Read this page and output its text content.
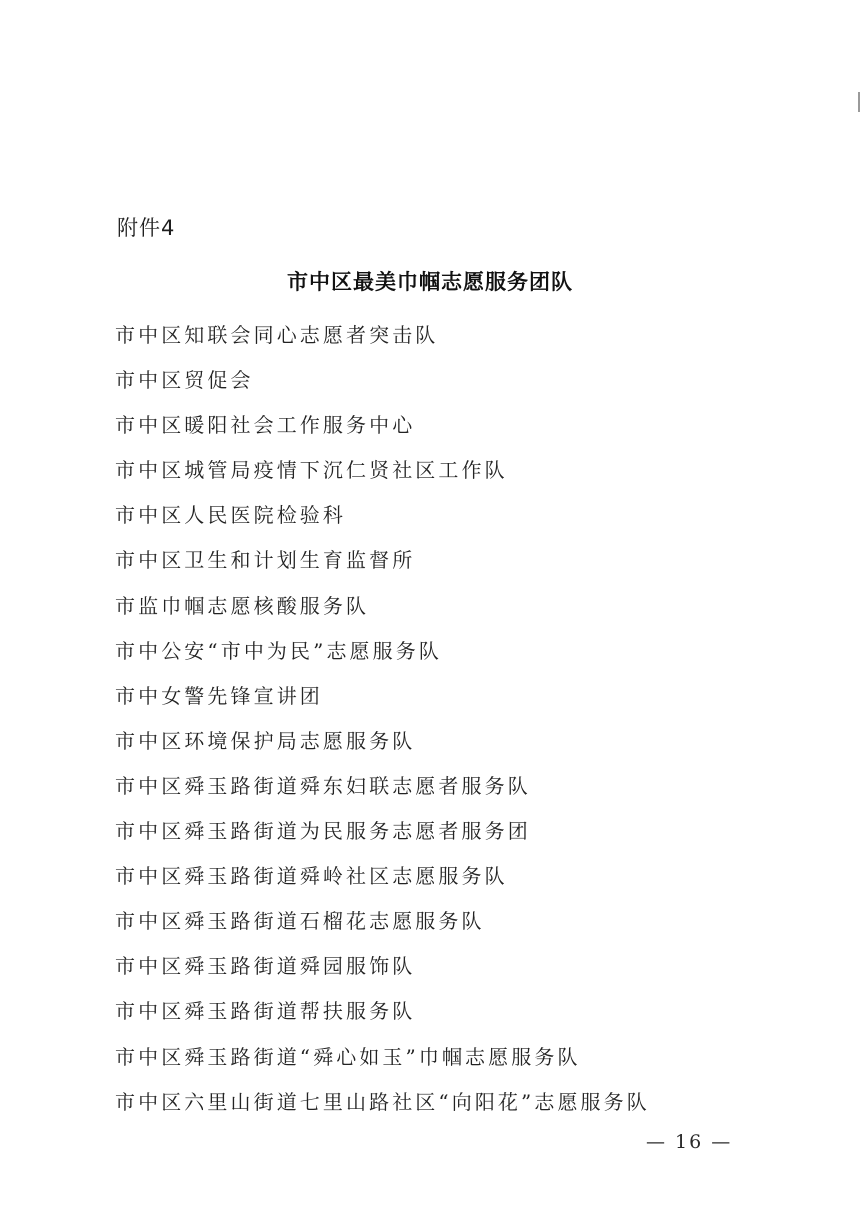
附件4
市中区最美巾帼志愿服务团队
市中区知联会同心志愿者突击队
市中区贸促会
市中区暖阳社会工作服务中心
市中区城管局疫情下沉仁贤社区工作队
市中区人民医院检验科
市中区卫生和计划生育监督所
市监巾帼志愿核酸服务队
市中公安“市中为民”志愿服务队
市中女警先锋宣讲团
市中区环境保护局志愿服务队
市中区舜玉路街道舜东妇联志愿者服务队
市中区舜玉路街道为民服务志愿者服务团
市中区舜玉路街道舜岭社区志愿服务队
市中区舜玉路街道石榴花志愿服务队
市中区舜玉路街道舜园服饰队
市中区舜玉路街道帮扶服务队
市中区舜玉路街道“舜心如玉”巾帼志愿服务队
市中区六里山街道七里山路社区“向阳花”志愿服务队
— 16 —
